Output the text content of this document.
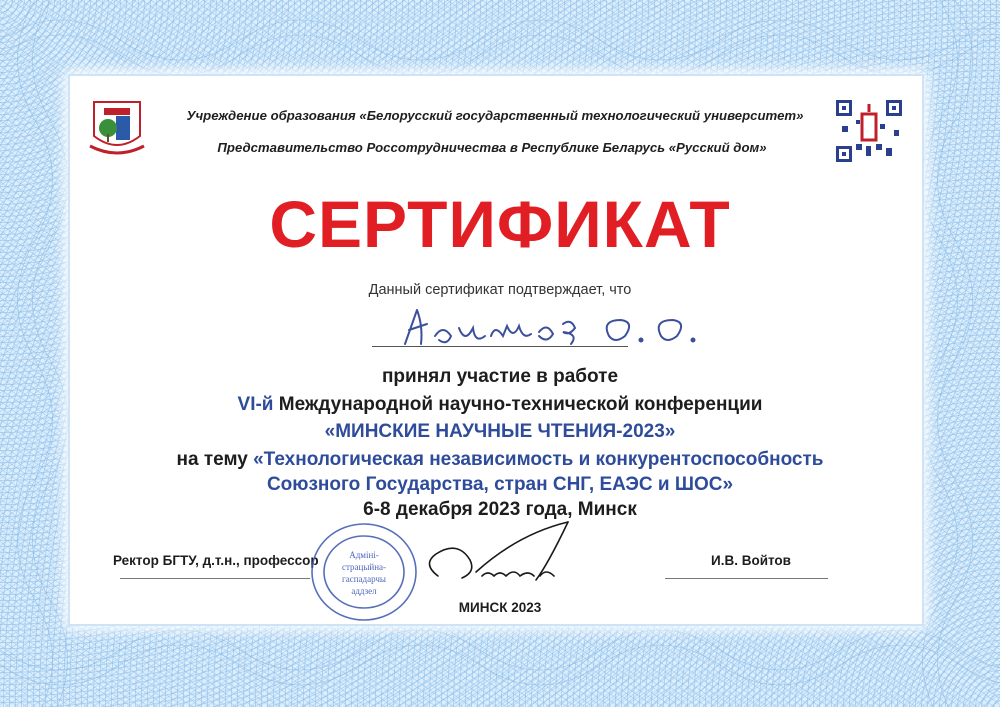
Учреждение образования «Белорусский государственный технологический университет»
Представительство Россотрудничества в Республике Беларусь «Русский дом»
СЕРТИФИКАТ
Данный сертификат подтверждает, что
принял участие в работе
VI-й Международной научно-технической конференции
«МИНСКИЕ НАУЧНЫЕ ЧТЕНИЯ-2023»
на тему «Технологическая независимость и конкурентоспособность
Союзного Государства, стран СНГ, ЕАЭС и ШОС»
6-8 декабря 2023 года, Минск
Ректор БГТУ, д.т.н., профессор	Адміні-
страцыйна-
гаспадарчы
аддзел
И.В. Войтов
МИНСК 2023
